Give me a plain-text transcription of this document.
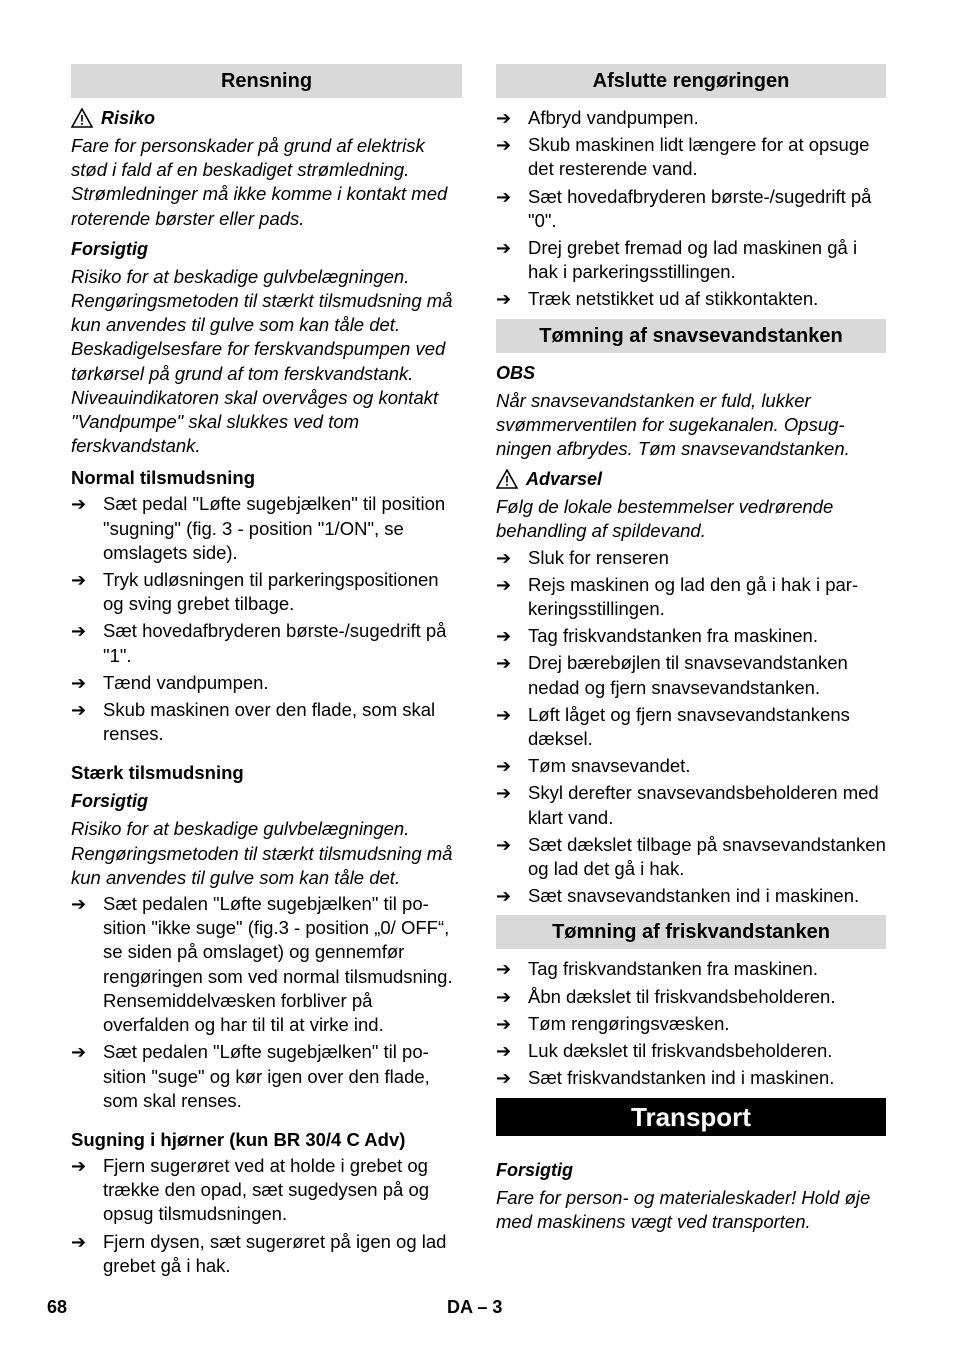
Rensning
Risiko

Fare for personskader på grund af elektrisk stød i fald af en beskadiget strømledning. Strømledninger må ikke komme i kontakt med roterende børster eller pads.

Forsigtig

Risiko for at beskadige gulvbelægningen. Rengøringsmetoden til stærkt tilsmudsning må kun anvendes til gulve som kan tåle det. Beskadigelsesfare for ferskvandspumpen ved tørkørsel på grund af tom ferskvandstank. Niveauindikatoren skal overvåges og kontakt "Vandpumpe" skal slukkes ved tom ferskvandstank.

Normal tilsmudsning
➔ Sæt pedal "Løfte sugebjælken" til position "sugning" (fig. 3 - position "1/ON", se omslagets side).
➔ Tryk udløsningen til parkeringspositionen og sving grebet tilbage.
➔ Sæt hovedafbryderen børste-/sugedrift på "1".
➔ Tænd vandpumpen.
➔ Skub maskinen over den flade, som skal renses.
Stærk tilsmudsning
Forsigtig

Risiko for at beskadige gulvbelægningen. Rengøringsmetoden til stærkt tilsmudsning må kun anvendes til gulve som kan tåle det.

➔ Sæt pedalen "Løfte sugebjælken" til position "ikke suge" (fig.3 - position „0/ OFF“, se siden på omslaget) og gennemfør rengøringen som ved normal tilsmudsning. Rensemiddelvæsken forbliver på overfalden og har til til at virke ind.
➔ Sæt pedalen "Løfte sugebjælken" til position "suge" og kør igen over den flade, som skal renses.
Sugning i hjørner (kun BR 30/4 C Adv)
➔ Fjern sugerøret ved at holde i grebet og trække den opad, sæt sugedysen på og opsug tilsmudsningen.
➔ Fjern dysen, sæt sugerøret på igen og lad grebet gå i hak.
Afslutte rengøringen
➔ Afbryd vandpumpen.
➔ Skub maskinen lidt længere for at opsuge det resterende vand.
➔ Sæt hovedafbryderen børste-/sugedrift på "0".
➔ Drej grebet fremad og lad maskinen gå i hak i parkeringsstillingen.
➔ Træk netstikket ud af stikkontakten.
Tømning af snavsevandstanken
OBS

Når snavsevandstanken er fuld, lukker svømmerventilen for sugekanalen. Opsugningen afbrydes. Tøm snavsevandstanken.

Advarsel

Følg de lokale bestemmelser vedrørende behandling af spildevand.

➔ Sluk for renseren
➔ Rejs maskinen og lad den gå i hak i parkeringsstillingen.
➔ Tag friskvandstanken fra maskinen.
➔ Drej bærebøjlen til snavsevandstanken nedad og fjern snavsevandstanken.
➔ Løft låget og fjern snavsevandstankens dæksel.
➔ Tøm snavsevandet.
➔ Skyl derefter snavsevandsbeholderen med klart vand.
➔ Sæt dækslet tilbage på snavsevandstanken og lad det gå i hak.
➔ Sæt snavsevandstanken ind i maskinen.
Tømning af friskvandstanken
➔ Tag friskvandstanken fra maskinen.
➔ Åbn dækslet til friskvandsbeholderen.
➔ Tøm rengøringsvæsken.
➔ Luk dækslet til friskvandsbeholderen.
➔ Sæt friskvandstanken ind i maskinen.
Transport
Forsigtig

Fare for person- og materialeskader! Hold øje med maskinens vægt ved transporten.

68	DA – 3
